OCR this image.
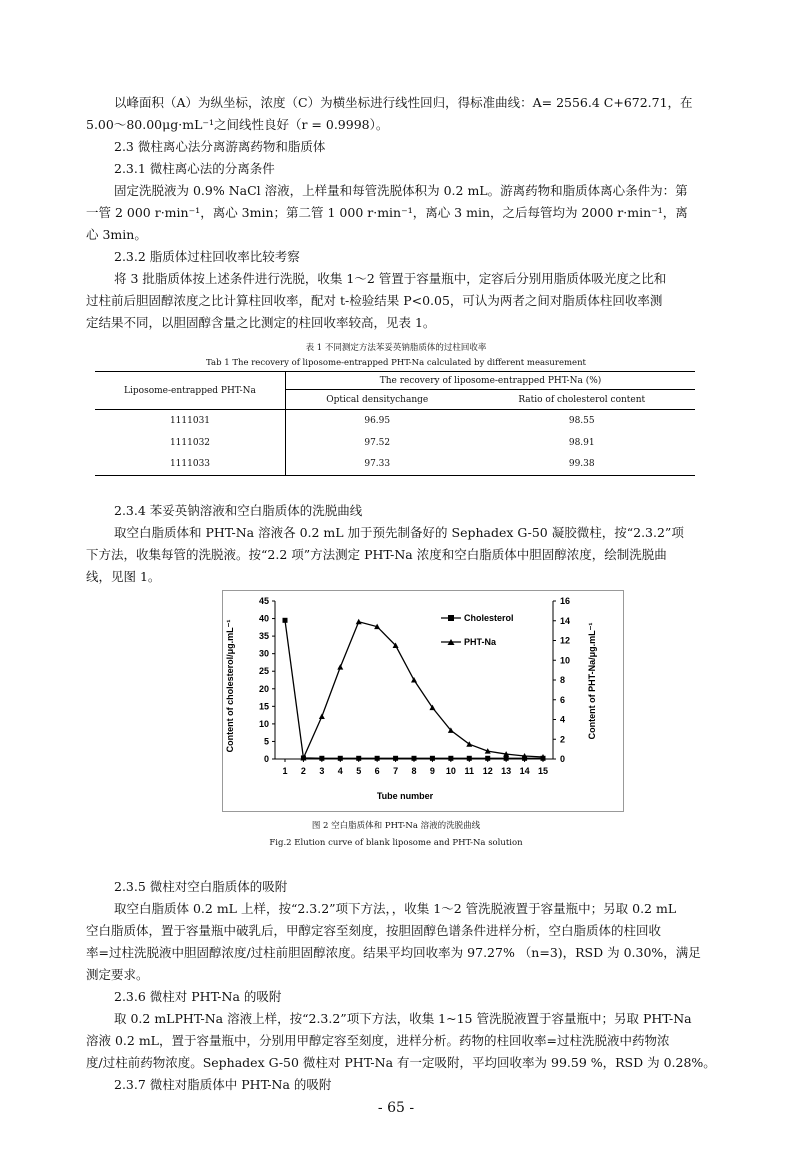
以峰面积（A）为纵坐标，浓度（C）为横坐标进行线性回归，得标准曲线：A= 2556.4 C+672.71，在
5.00～80.00μg·mL⁻¹之间线性良好（r = 0.9998）。
2.3 微柱离心法分离游离药物和脂质体
2.3.1 微柱离心法的分离条件
固定洗脱液为 0.9% NaCl 溶液，上样量和每管洗脱体积为 0.2 mL。游离药物和脂质体离心条件为：第
一管 2 000 r·min⁻¹，离心 3min；第二管 1 000 r·min⁻¹，离心 3 min，之后每管均为 2000 r·min⁻¹，离
心 3min。
2.3.2 脂质体过柱回收率比较考察
将 3 批脂质体按上述条件进行洗脱，收集 1～2 管置于容量瓶中，定容后分别用脂质体吸光度之比和
过柱前后胆固醇浓度之比计算柱回收率，配对 t-检验结果 P<0.05，可认为两者之间对脂质体柱回收率测
定结果不同，以胆固醇含量之比测定的柱回收率较高，见表 1。
表 1 不同测定方法苯妥英钠脂质体的过柱回收率
Tab 1 The recovery of liposome-entrapped PHT-Na calculated by different measurement
Liposome-entrapped PHT-Na	The recovery of liposome-entrapped PHT-Na (%)	
	Optical densitychange	Ratio of cholesterol content
1111031	96.95	98.55
1111032	97.52	98.91
1111033	97.33	99.38
2.3.4 苯妥英钠溶液和空白脂质体的洗脱曲线
取空白脂质体和 PHT-Na 溶液各 0.2 mL 加于预先制备好的 Sephadex G-50 凝胶微柱，按“2.3.2”项
下方法，收集每管的洗脱液。按“2.2 项”方法测定 PHT-Na 浓度和空白脂质体中胆固醇浓度，绘制洗脱曲
线，见图 1。
Content of cholesterol/μg.mL⁻¹	Content of PHT-Na/μg.mL⁻¹
Tube number
Cholesterol
PHT-Na
0
5
10
15
20
25
30
35
40
45
0
2
4
6
8
10
12
14
16
1 2 3 4 5 6 7 8 9 10 11 12 13 14 15
图 2 空白脂质体和 PHT-Na 溶液的洗脱曲线
Fig.2 Elution curve of blank liposome and PHT-Na solution
2.3.5 微柱对空白脂质体的吸附
取空白脂质体 0.2 mL 上样，按“2.3.2”项下方法，，收集 1～2 管洗脱液置于容量瓶中；另取 0.2 mL
空白脂质体，置于容量瓶中破乳后，甲醇定容至刻度，按胆固醇色谱条件进样分析，空白脂质体的柱回收
率=过柱洗脱液中胆固醇浓度/过柱前胆固醇浓度。结果平均回收率为 97.27% （n=3)，RSD 为 0.30%，满足
测定要求。
2.3.6 微柱对 PHT-Na 的吸附
取 0.2 mLPHT-Na 溶液上样，按“2.3.2”项下方法，收集 1~15 管洗脱液置于容量瓶中；另取 PHT-Na
溶液 0.2 mL，置于容量瓶中，分别用甲醇定容至刻度，进样分析。药物的柱回收率=过柱洗脱液中药物浓
度/过柱前药物浓度。Sephadex G-50 微柱对 PHT-Na 有一定吸附，平均回收率为 99.59 %，RSD 为 0.28%。
2.3.7 微柱对脂质体中 PHT-Na 的吸附
- 65 -
